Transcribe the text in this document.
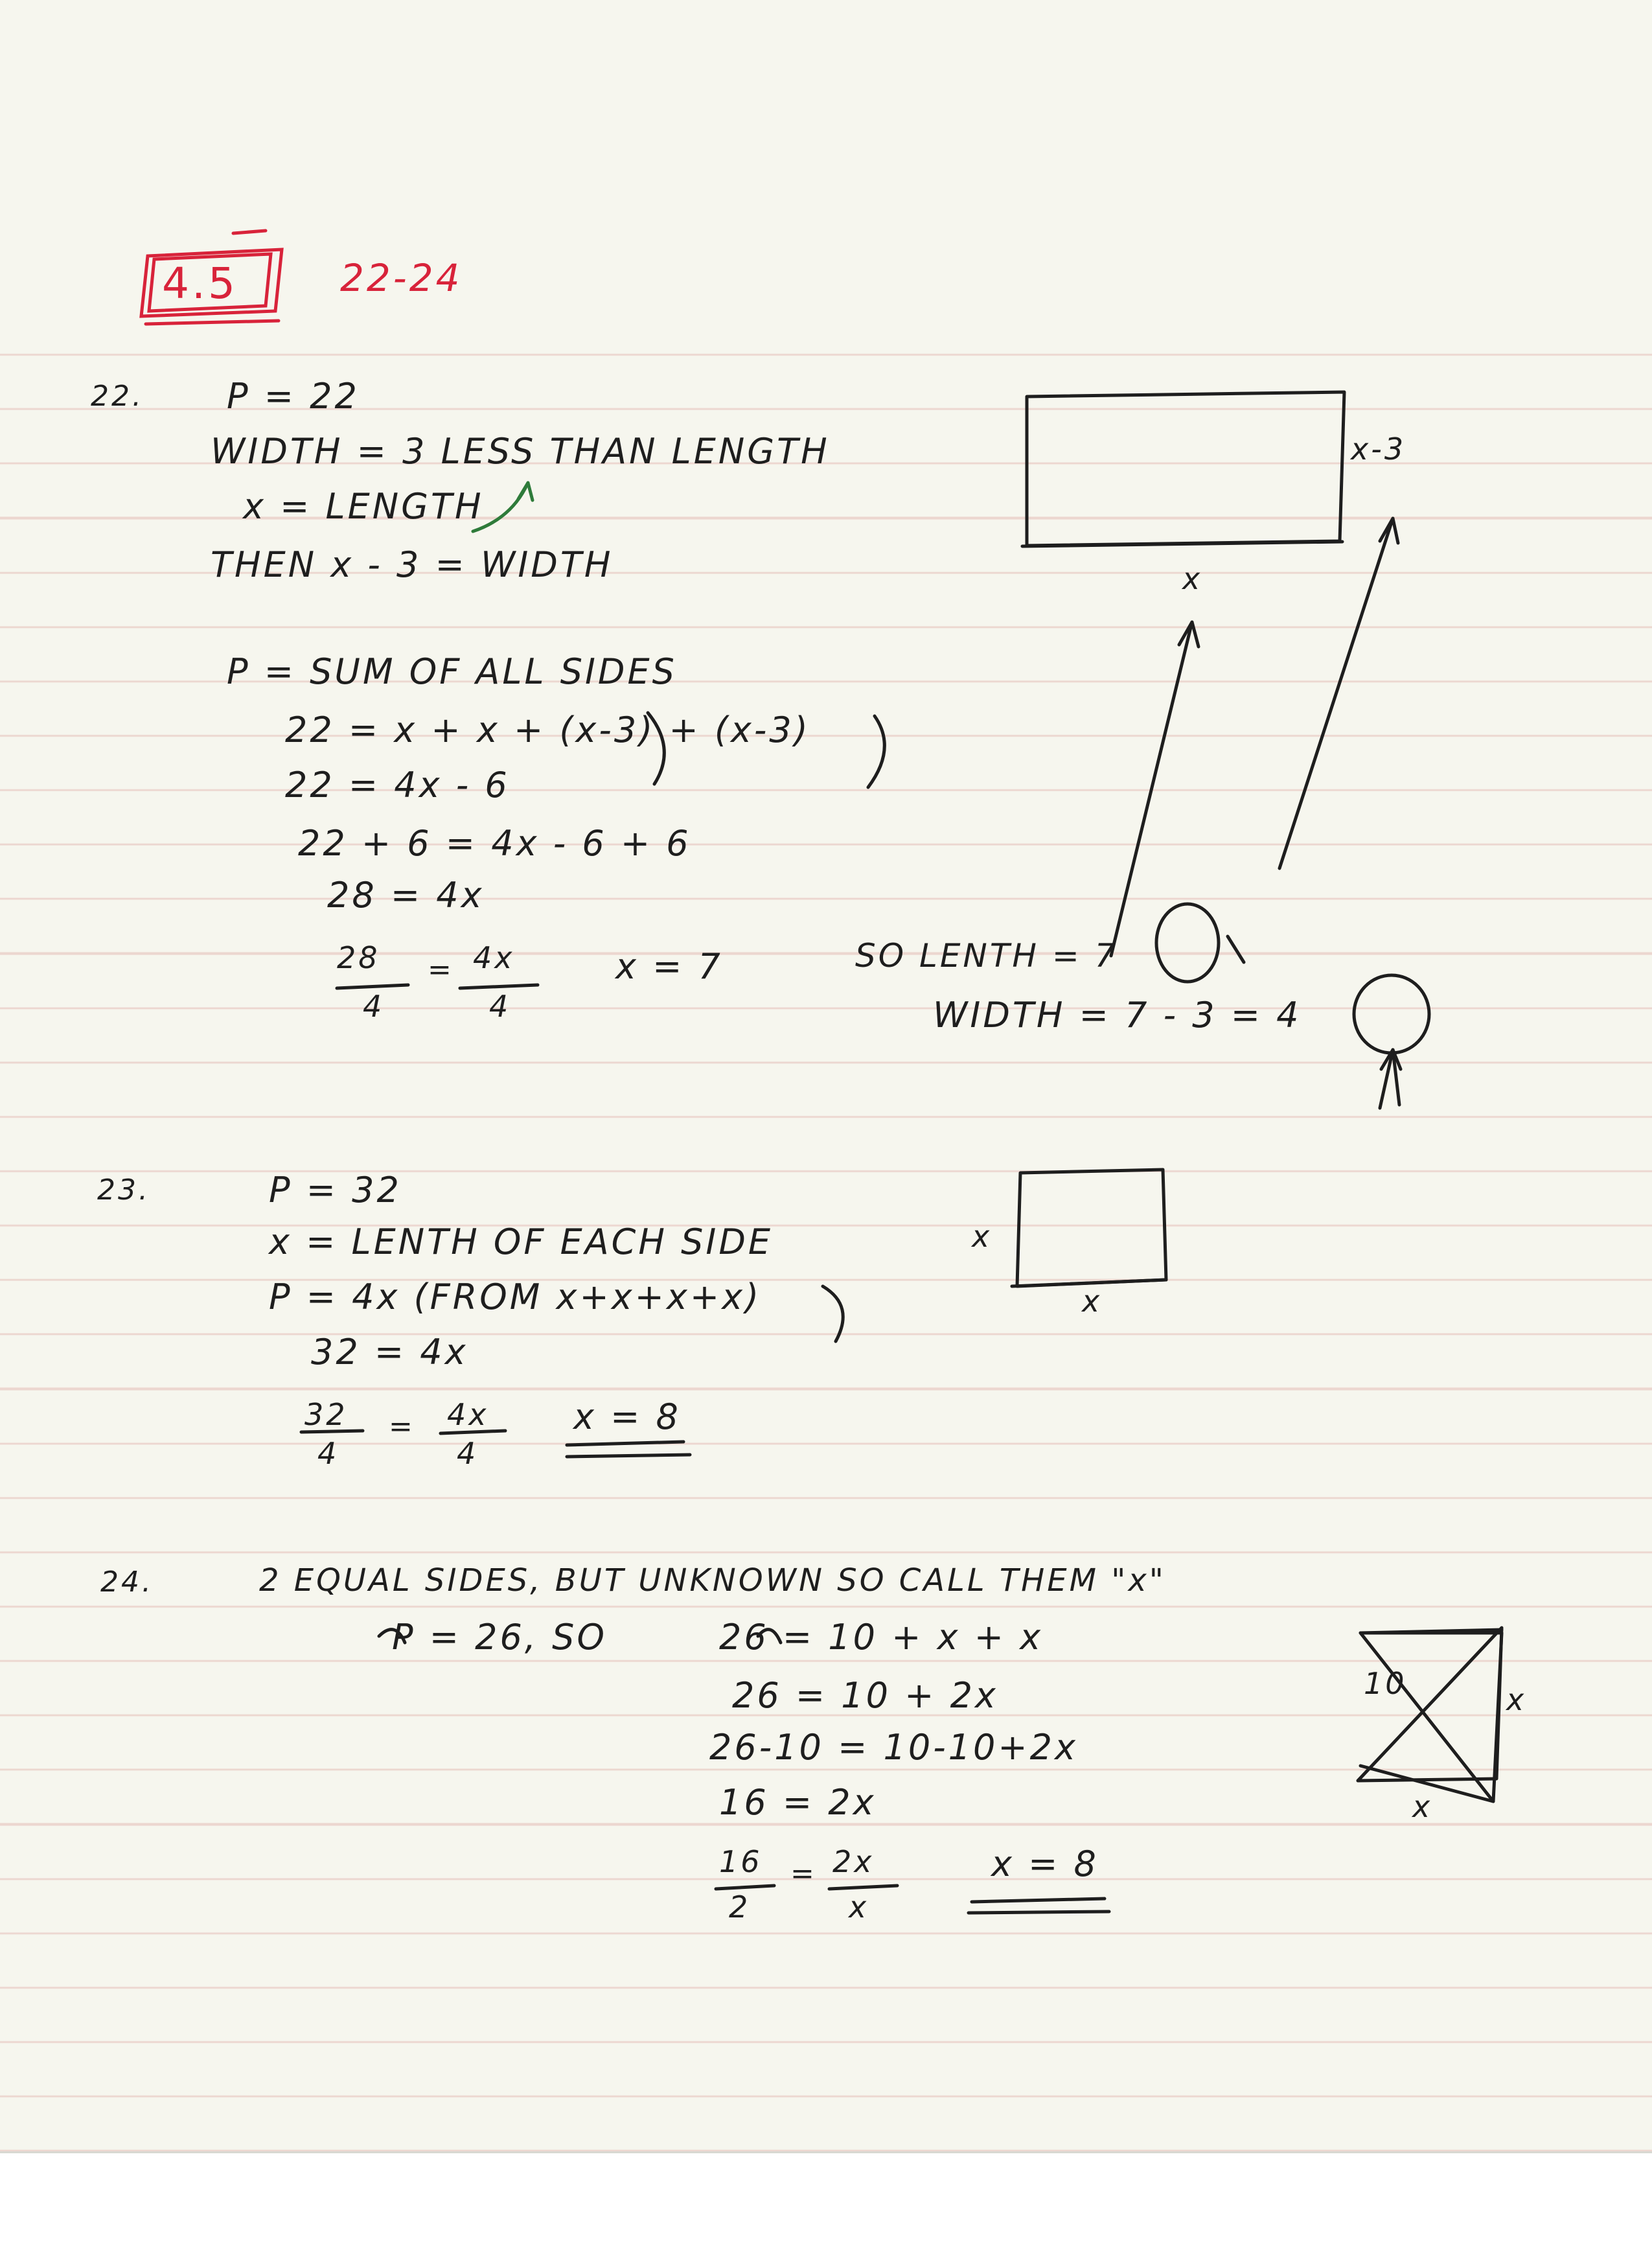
4.5	22-24
22. P = 22
WIDTH = 3 LESS THAN LENGTH
x = LENGTH
THEN x - 3 = WIDTH
P = SUM OF ALL SIDES
22 = x + x + (x-3) + (x-3)
22 = 4x - 6
22 + 6 = 4x - 6 + 6
28 = 4x
28
4
= 4x
4
x = 7	SO LENTH = 7
WIDTH = 7 - 3 = 4
x-3
x
23.	P = 32
x = LENTH OF EACH SIDE
P = 4x (FROM x+x+x+x)
32 = 4x
32
4
= 4x
4
x = 8
x
x
24.	2 EQUAL SIDES, BUT UNKNOWN SO CALL THEM "x"
P = 26, SO	26 = 10 + x + x
26 = 10 + 2x
26-10 = 10-10+2x
16 = 2x
16
2
= 2x
x
x = 8
10	x
x
